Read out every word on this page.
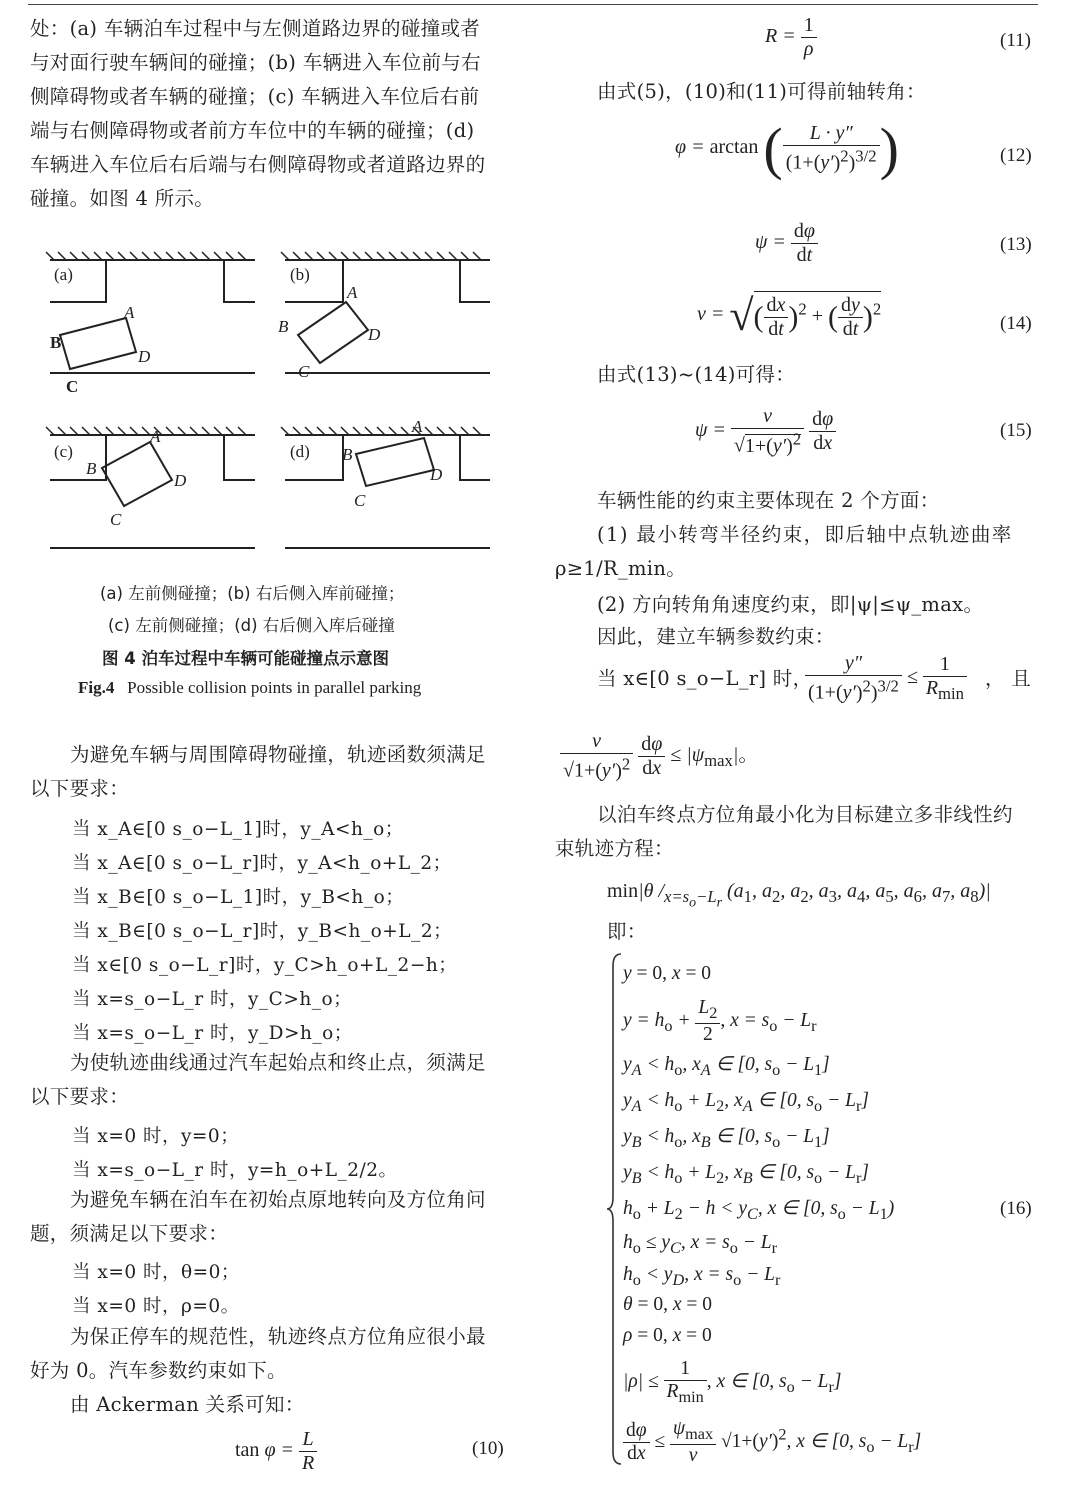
处：(a) 车辆泊车过程中与左侧道路边界的碰撞或者
与对面行驶车辆间的碰撞；(b) 车辆进入车位前与右
侧障碍物或者车辆的碰撞；(c) 车辆进入车位后右前
端与右侧障碍物或者前方车位中的车辆的碰撞；(d)
车辆进入车位后右后端与右侧障碍物或者道路边界的
碰撞。如图 4 所示。
(a)	(b)
(c)	(d)
A
B
C
D
A
B
C
D
A
B
C
D
A
B
C
D
(a) 左前侧碰撞；(b) 右后侧入库前碰撞；
(c) 左前侧碰撞；(d) 右后侧入库后碰撞
图 4 泊车过程中车辆可能碰撞点示意图
Fig.4 Possible collision points in parallel parking
为避免车辆与周围障碍物碰撞，轨迹函数须满足
以下要求：
当 x_A∈[0 s_o−L_1]时，y_A<h_o；
当 x_A∈[0 s_o−L_r]时，y_A<h_o+L_2；
当 x_B∈[0 s_o−L_1]时，y_B<h_o；
当 x_B∈[0 s_o−L_r]时，y_B<h_o+L_2；
当 x∈[0 s_o−L_r]时，y_C>h_o+L_2−h；
当 x=s_o−L_r 时，y_C>h_o；
当 x=s_o−L_r 时，y_D>h_o；
为使轨迹曲线通过汽车起始点和终止点，须满足
以下要求：
当 x=0 时，y=0；
当 x=s_o−L_r 时，y=h_o+L_2/2。
为避免车辆在泊车在初始点原地转向及方位角问
题，须满足以下要求：
当 x=0 时，θ=0；
当 x=0 时，ρ=0。
为保正停车的规范性，轨迹终点方位角应很小最
好为 0。汽车参数约束如下。
由 Ackerman 关系可知：
$\tan \varphi = \frac{L}{R}$	(10)
$R = \frac{1}{\rho}$	(11)
由式(5)，(10)和(11)可得前轴转角：
φ = arctan ( $\frac{L \cdot y''}{(1+(y')^2)^{3/2}}$ )	(12)
$\psi = \frac{d\varphi}{dt}$	(13)
v = √( $\frac{dx}{dt} )^2$ + ( $\frac{dy}{dt} )^2$
(14)
由式(13)~(14)可得：
$\psi = \frac{v}{√1+(y')^2}$
$\frac{d\varphi}{dx}$	(15)
车辆性能的约束主要体现在 2 个方面：
(1) 最小转弯半径约束，即后轴中点轨迹曲率
ρ≥1/R_min。
(2) 方向转角角速度约束，即|ψ|≤ψ_max。
因此，建立车辆参数约束：
当 x∈[0 s_o−L_r] 时，
$\frac{y''}{(1+(y')^2)^{3/2}} \le \frac{1}{R_{min}}$ ， 且
$\frac{v}{√1+(y')^2}$
$\frac{d\varphi}{dx} \le |\psi_{max}|$。
以泊车终点方位角最小化为目标建立多非线性约
束轨迹方程：
min|θ $/_{x=s_o-L_r}$ ($a_1$, $a_2$, $a_2$, $a_3$, $a_4$, $a_5$, $a_6$, $a_7$, $a_8)|$
即：
y = 0, x = 0
$y = h_o + \frac{L_2}{2}$ , $x = s_o - L_r$
$y_A < h_o$, $x_A$ ∈ [0, $s_o - L_1$]
$y_A < h_o + L_2$, $x_A$ ∈ [0, $s_o - L_r$]
$y_B < h_o$, $x_B$ ∈ [0, $s_o - L_1$]
$y_B < h_o + L_2$, $x_B$ ∈ [0, $s_o - L_r$]
$h_o + L_2 - h < y_C$, x ∈ [0, $s_o - L_1$)
$h_o \le y_C$, $x = s_o - L_r$
$h_o < y_D$, $x = s_o - L_r$
θ = 0, x = 0
ρ = 0, x = 0
$|\rho| \le \frac{1}{R_{min}}$ , x ∈ [0, $s_o - L_r$]
$\frac{d\varphi}{dx} \le \frac{\psi_{max}}{v} √1+(y')^2$, x ∈ [0, $s_o - L_r$]
(16)
